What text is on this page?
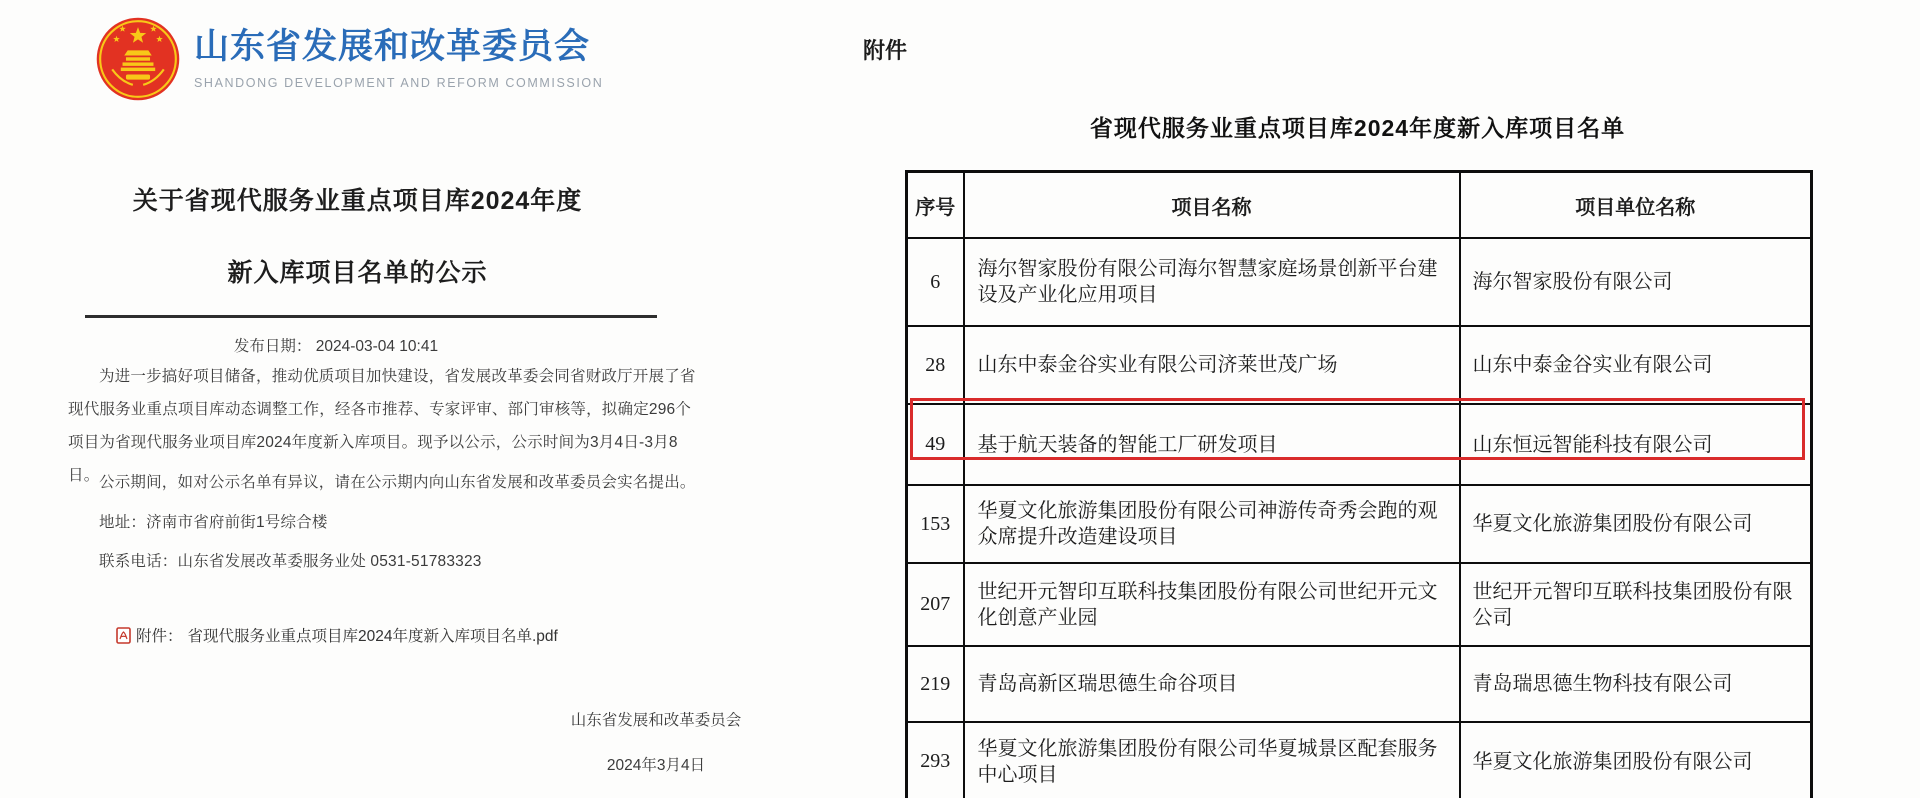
山东省发展和改革委员会
SHANDONG DEVELOPMENT AND REFORM COMMISSION
关于省现代服务业重点项目库2024年度
新入库项目名单的公示
发布日期： 2024-03-04 10:41

为进一步搞好项目储备，推动优质项目加快建设，省发展改革委会同省财政厅开展了省现代服务业重点项目库动态调整工作，经各市推荐、专家评审、部门审核等，拟确定296个项目为省现代服务业项目库2024年度新入库项目。现予以公示，公示时间为3月4日-3月8日。 公示期间，如对公示名单有异议，请在公示期内向山东省发展和改革委员会实名提出。

地址：济南市省府前街1号综合楼

联系电话：山东省发展改革委服务业处 0531-51783323

附件： 省现代服务业重点项目库2024年度新入库项目名单.pdf
山东省发展和改革委员会
2024年3月4日
附件
省现代服务业重点项目库2024年度新入库项目名单
序号	项目名称	项目单位名称
6	海尔智家股份有限公司海尔智慧家庭场景创新平台建设及产业化应用项目	海尔智家股份有限公司
28	山东中泰金谷实业有限公司济莱世茂广场	山东中泰金谷实业有限公司
49	基于航天装备的智能工厂研发项目	山东恒远智能科技有限公司
153	华夏文化旅游集团股份有限公司神游传奇秀会跑的观众席提升改造建设项目	华夏文化旅游集团股份有限公司
207	世纪开元智印互联科技集团股份有限公司世纪开元文化创意产业园	世纪开元智印互联科技集团股份有限公司
219	青岛高新区瑞思德生命谷项目	青岛瑞思德生物科技有限公司
293	华夏文化旅游集团股份有限公司华夏城景区配套服务中心项目	华夏文化旅游集团股份有限公司
